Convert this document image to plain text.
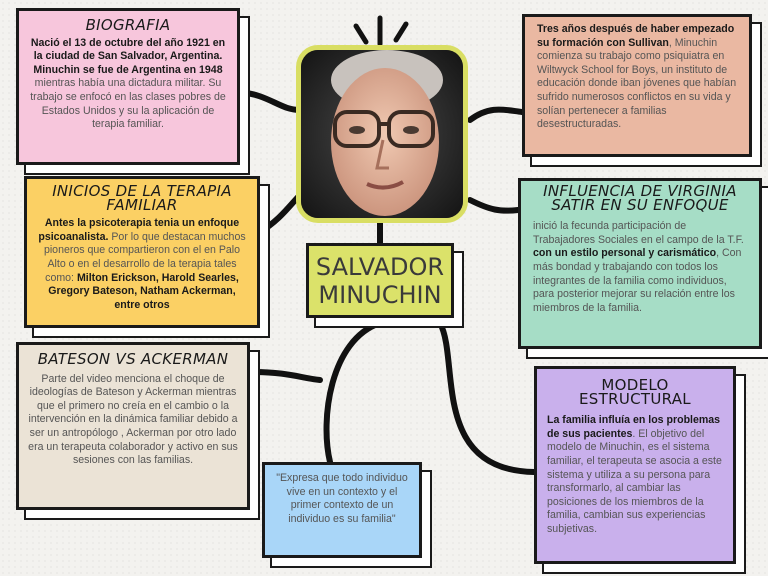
SALVADOR MINUCHIN
BIOGRAFIA
Nació el 13 de octubre del año 1921 en la ciudad de San Salvador, Argentina.
Minuchin se fue de Argentina en 1948 mientras había una dictadura militar. Su trabajo se enfocó en las clases pobres de Estados Unidos y su la aplicación de terapia familiar.
INICIOS DE LA TERAPIA FAMILIAR
Antes la psicoterapia tenia un enfoque psicoanalista. Por lo que destacan muchos pioneros que compartieron con el en Palo Alto o en el desarrollo de la terapia tales como: Milton Erickson, Harold Searles, Gregory Bateson, Natham Ackerman, entre otros
BATESON VS ACKERMAN
Parte del video menciona el choque de ideologías de Bateson y Ackerman mientras que el primero no creía en el cambio o la intervención en la dinámica familiar debido a ser un antropólogo , Ackerman por otro lado era un terapeuta colaborador y activo en sus sesiones con las familias.
Tres años después de haber empezado su formación con Sullivan, Minuchin comienza su trabajo como psiquiatra en Wiltwyck School for Boys, un instituto de educación donde iban jóvenes que habían sufrido numerosos conflictos en su vida y solían pertenecer a familias desestructuradas.
INFLUENCIA DE VIRGINIA SATIR EN SU ENFOQUE
inició la fecunda participación de Trabajadores Sociales en el campo de la T.F. con un estilo personal y carismático, Con más bondad y trabajando con todos los integrantes de la familia como individuos, para posterior mejorar su relación entre los miembros de la familia.
MODELO ESTRUCTURAL
La familia influía en los problemas de sus pacientes. El objetivo del modelo de Minuchin, es el sistema familiar, el terapeuta se asocia a este sistema y utiliza a su persona para transformarlo, al cambiar las posiciones de los miembros de la familia, cambian sus experiencias subjetivas.
"Expresa que todo individuo vive en un contexto y el primer contexto de un individuo es su familia"
